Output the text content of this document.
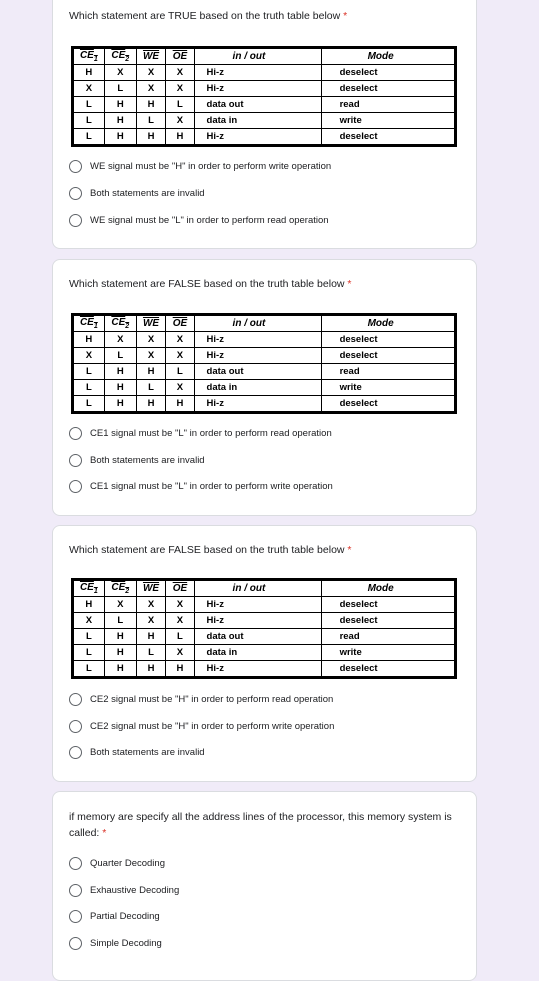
Which statement are TRUE based on the truth table below *
$CE_1$	$CE_2$	$\overline{WE}$	$\overline{OE}$	in / out	Mode
H	X	X	X	Hi-z	deselect
X	L	X	X	Hi-z	deselect
L	H	H	L	data out	read
L	H	L	X	data in	write
L	H	H	H	Hi-z	deselect
WE signal must be "H" in order to perform write operation
Both statements are invalid
WE signal must be "L" in order to perform read operation
Which statement are FALSE based on the truth table below *
$CE_1$	$CE_2$	$\overline{WE}$	$\overline{OE}$	in / out	Mode
H	X	X	X	Hi-z	deselect
X	L	X	X	Hi-z	deselect
L	H	H	L	data out	read
L	H	L	X	data in	write
L	H	H	H	Hi-z	deselect
CE1 signal must be "L" in order to perform read operation
Both statements are invalid
CE1 signal must be "L" in order to perform write operation
Which statement are FALSE based on the truth table below *
$CE_1$	$CE_2$	$\overline{WE}$	$\overline{OE}$	in / out	Mode
H	X	X	X	Hi-z	deselect
X	L	X	X	Hi-z	deselect
L	H	H	L	data out	read
L	H	L	X	data in	write
L	H	H	H	Hi-z	deselect
CE2 signal must be "H" in order to perform read operation
CE2 signal must be "H" in order to perform write operation
Both statements are invalid
if memory are specify all the address lines of the processor, this memory system is called: *
Quarter Decoding
Exhaustive Decoding
Partial Decoding
Simple Decoding
